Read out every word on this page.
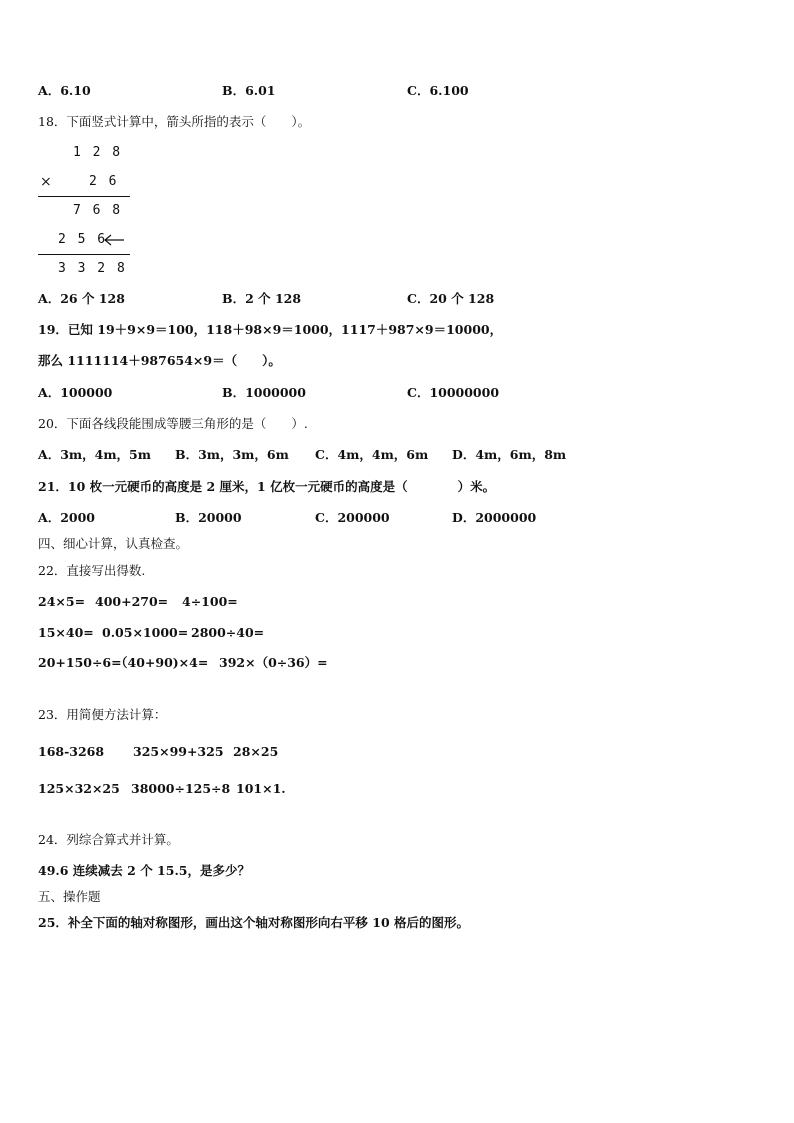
A．6.10	B．6.01	C．6.100
18．下面竖式计算中，箭头所指的表示（　　）。
1 2 8
×	2 6
7 6 8
2 5 6
3 3 2 8
A．26 个 128	B．2 个 128	C．20 个 128
19．已知 19＋9×9＝100，118＋98×9＝1000，1117＋987×9＝10000，
那么 1111114＋987654×9＝（　　）。
A．100000	B．1000000	C．10000000
20．下面各线段能围成等腰三角形的是（　　）.
A．3m，4m，5m B．3m，3m，6m C．4m，4m，6m D．4m，6m，8m
21．10 枚一元硬币的高度是 2 厘米，1 亿枚一元硬币的高度是（　　　　）米。
A．2000	B．20000	C．200000	D．2000000
四、细心计算，认真检查。
22．直接写出得数.
24×5= 400+270= 4÷100=
15×40= 0.05×1000= 2800÷40=
20+150÷6=
（40+90)×4= 392×（0÷36）=
23．用简便方法计算：
168-3268 325×99+325 28×25
125×32×25 38000÷125÷8 101×1.
24．列综合算式并计算。
49.6 连续减去 2 个 15.5，是多少？
五、操作题
25．补全下面的轴对称图形，画出这个轴对称图形向右平移 10 格后的图形。
